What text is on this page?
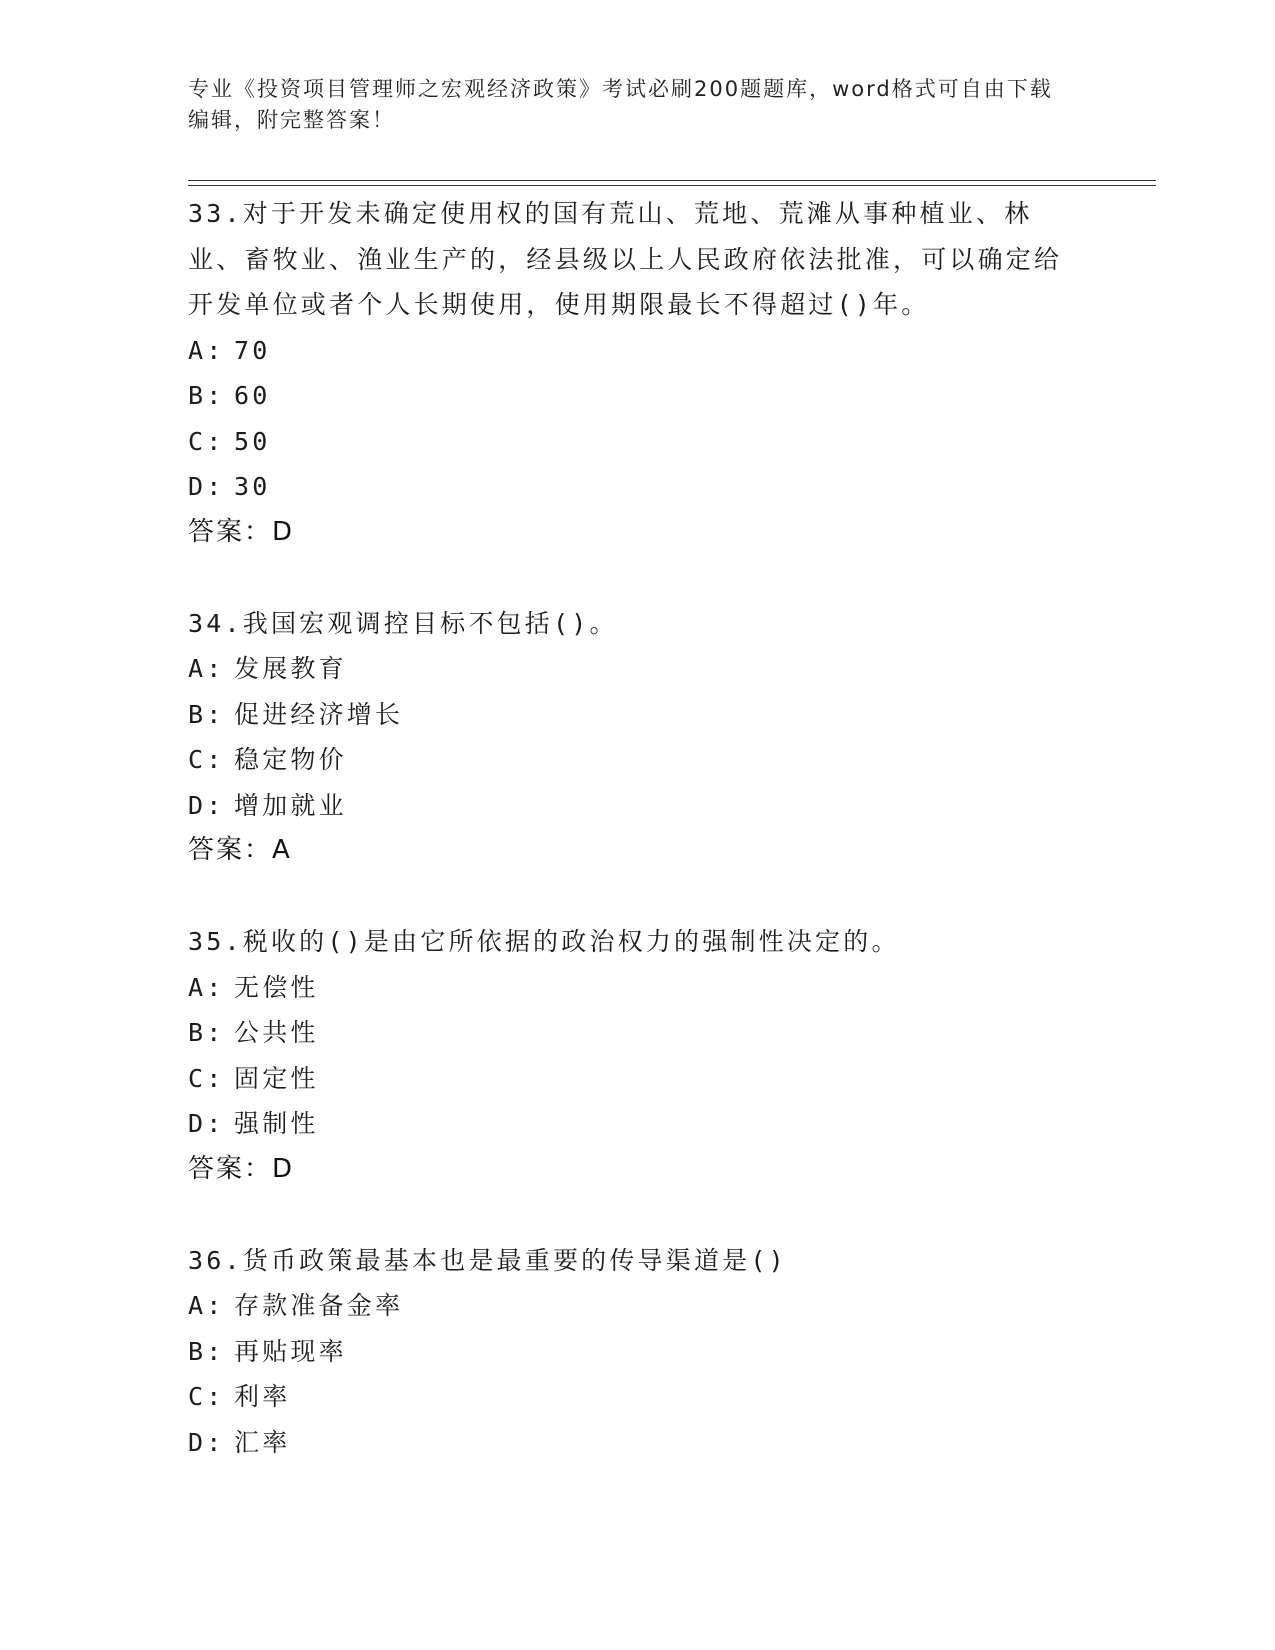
专业《投资项目管理师之宏观经济政策》考试必刷200题题库，word格式可自由下载编辑，附完整答案！

33.对于开发未确定使用权的国有荒山、荒地、荒滩从事种植业、林业、畜牧业、渔业生产的，经县级以上人民政府依法批准，可以确定给开发单位或者个人长期使用，使用期限最长不得超过()年。

A: 70
B: 60
C: 50
D: 30
答案：D

34.我国宏观调控目标不包括()。

A: 发展教育
B: 促进经济增长
C: 稳定物价
D: 增加就业
答案：A

35.税收的()是由它所依据的政治权力的强制性决定的。

A: 无偿性
B: 公共性
C: 固定性
D: 强制性
答案：D

36.货币政策最基本也是最重要的传导渠道是()

A: 存款准备金率
B: 再贴现率
C: 利率
D: 汇率
